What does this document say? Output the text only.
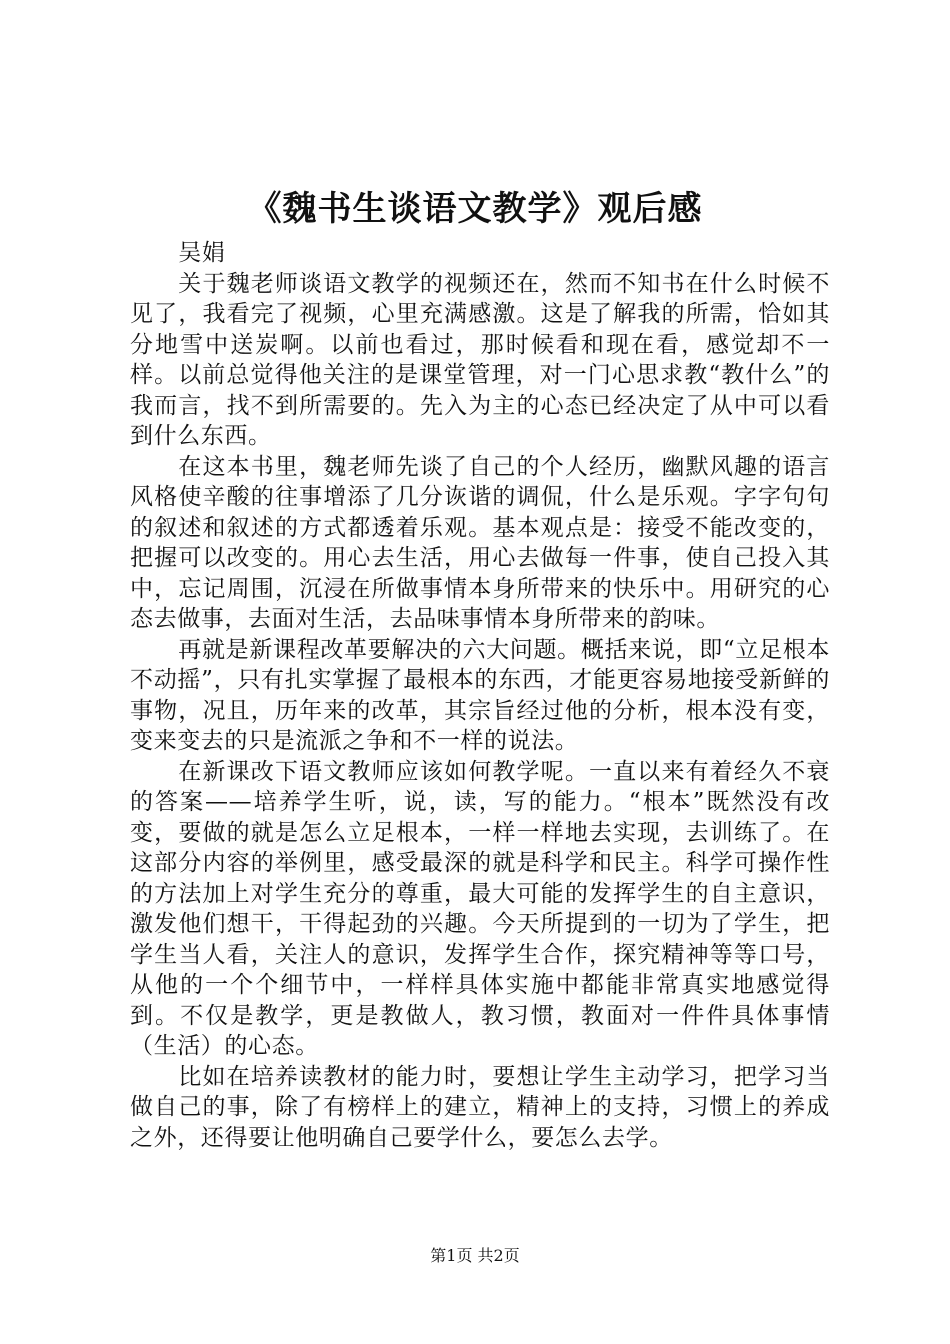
《魏书生谈语文教学》观后感
吴娟

关于魏老师谈语文教学的视频还在，然而不知书在什么时候不见了，我看完了视频，心里充满感激。这是了解我的所需，恰如其分地雪中送炭啊。以前也看过，那时候看和现在看，感觉却不一样。以前总觉得他关注的是课堂管理，对一门心思求教“教什么”的我而言，找不到所需要的。先入为主的心态已经决定了从中可以看到什么东西。

在这本书里，魏老师先谈了自己的个人经历，幽默风趣的语言风格使辛酸的往事增添了几分诙谐的调侃，什么是乐观。字字句句的叙述和叙述的方式都透着乐观。基本观点是：接受不能改变的，把握可以改变的。用心去生活，用心去做每一件事，使自己投入其中，忘记周围，沉浸在所做事情本身所带来的快乐中。用研究的心态去做事，去面对生活，去品味事情本身所带来的韵味。

再就是新课程改革要解决的六大问题。概括来说，即“立足根本不动摇”，只有扎实掌握了最根本的东西，才能更容易地接受新鲜的事物，况且，历年来的改革，其宗旨经过他的分析，根本没有变，变来变去的只是流派之争和不一样的说法。

在新课改下语文教师应该如何教学呢。一直以来有着经久不衰的答案——培养学生听，说，读，写的能力。“根本”既然没有改变，要做的就是怎么立足根本，一样一样地去实现，去训练了。在这部分内容的举例里，感受最深的就是科学和民主。科学可操作性的方法加上对学生充分的尊重，最大可能的发挥学生的自主意识，激发他们想干，干得起劲的兴趣。今天所提到的一切为了学生，把学生当人看，关注人的意识，发挥学生合作，探究精神等等口号，从他的一个个细节中，一样样具体实施中都能非常真实地感觉得到。不仅是教学，更是教做人，教习惯，教面对一件件具体事情（生活）的心态。

比如在培养读教材的能力时，要想让学生主动学习，把学习当做自己的事，除了有榜样上的建立，精神上的支持，习惯上的养成之外，还得要让他明确自己要学什么，要怎么去学。

第1页 共2页
